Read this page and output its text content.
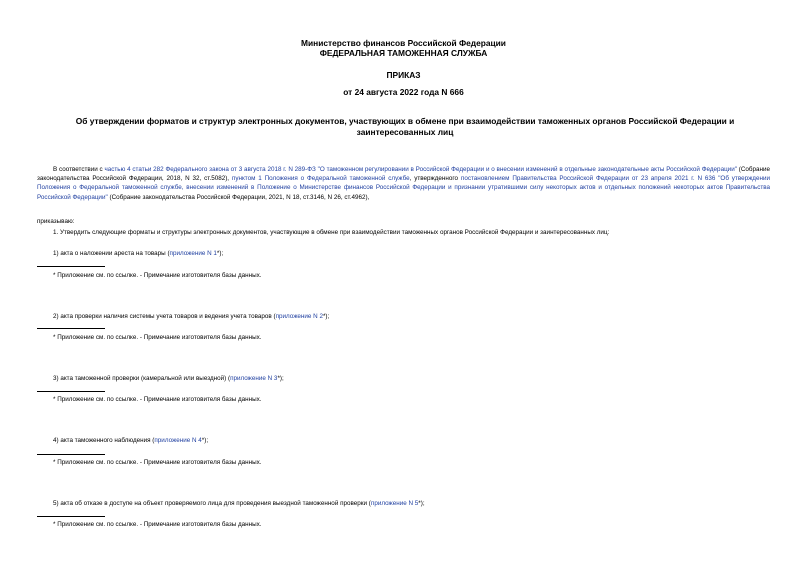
Министерство финансов Российской Федерации
ФЕДЕРАЛЬНАЯ ТАМОЖЕННАЯ СЛУЖБА
ПРИКАЗ
от 24 августа 2022 года N 666
Об утверждении форматов и структур электронных документов, участвующих в обмене при взаимодействии таможенных органов Российской Федерации и заинтересованных лиц
В соответствии с частью 4 статьи 282 Федерального закона от 3 августа 2018 г. N 289-ФЗ "О таможенном регулировании в Российской Федерации и о внесении изменений в отдельные законодательные акты Российской Федерации" (Собрание законодательства Российской Федерации, 2018, N 32, ст.5082), пунктом 1 Положения о Федеральной таможенной службе, утвержденного постановлением Правительства Российской Федерации от 23 апреля 2021 г. N 636 "Об утверждении Положения о Федеральной таможенной службе, внесении изменений в Положение о Министерстве финансов Российской Федерации и признании утратившими силу некоторых актов и отдельных положений некоторых актов Правительства Российской Федерации" (Собрание законодательства Российской Федерации, 2021, N 18, ст.3146, N 26, ст.4962),
приказываю:
1. Утвердить следующие форматы и структуры электронных документов, участвующие в обмене при взаимодействии таможенных органов Российской Федерации и заинтересованных лиц:
1) акта о наложении ареста на товары (приложение N 1*);
* Приложение см. по ссылке. - Примечание изготовителя базы данных.
2) акта проверки наличия системы учета товаров и ведения учета товаров (приложение N 2*);
* Приложение см. по ссылке. - Примечание изготовителя базы данных.
3) акта таможенной проверки (камеральной или выездной) (приложение N 3*);
* Приложение см. по ссылке. - Примечание изготовителя базы данных.
4) акта таможенного наблюдения (приложение N 4*);
* Приложение см. по ссылке. - Примечание изготовителя базы данных.
5) акта об отказе в доступе на объект проверяемого лица для проведения выездной таможенной проверки (приложение N 5*);
* Приложение см. по ссылке. - Примечание изготовителя базы данных.
